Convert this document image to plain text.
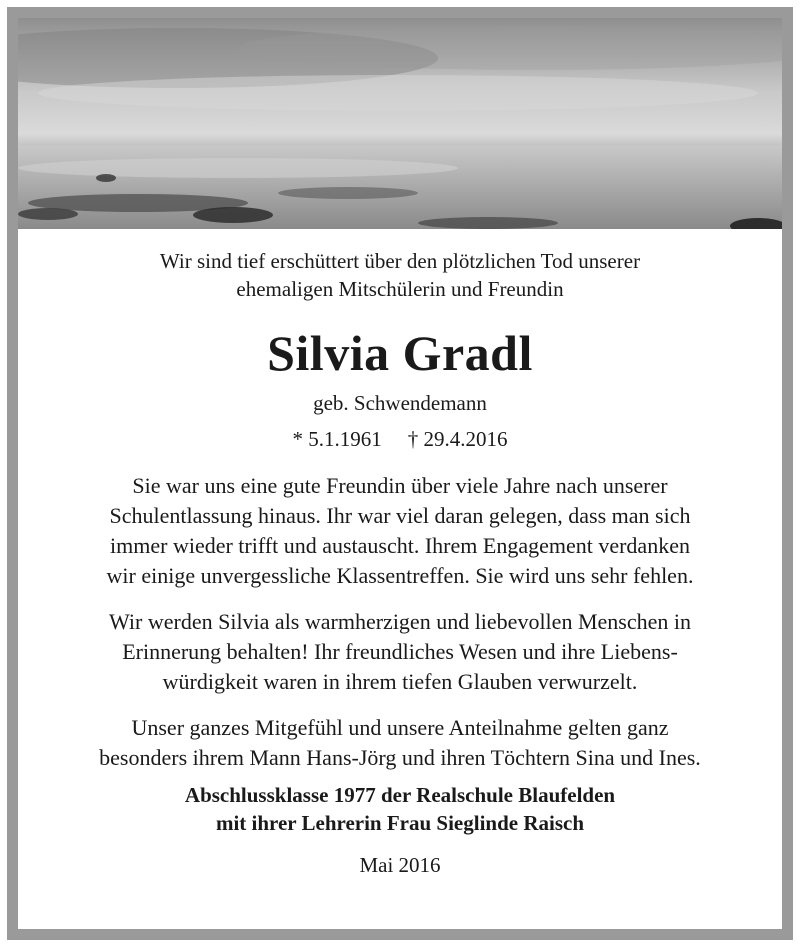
Wir sind tief erschüttert über den plötzlichen Tod unserer
ehemaligen Mitschülerin und Freundin

Silvia Gradl

geb. Schwendemann

* 5.1.1961 † 29.4.2016

Sie war uns eine gute Freundin über viele Jahre nach unserer
Schulentlassung hinaus. Ihr war viel daran gelegen, dass man sich
immer wieder trifft und austauscht. Ihrem Engagement verdanken
wir einige unvergessliche Klassentreffen. Sie wird uns sehr fehlen.

Wir werden Silvia als warmherzigen und liebevollen Menschen in
Erinnerung behalten! Ihr freundliches Wesen und ihre Liebens-
würdigkeit waren in ihrem tiefen Glauben verwurzelt.

Unser ganzes Mitgefühl und unsere Anteilnahme gelten ganz
besonders ihrem Mann Hans-Jörg und ihren Töchtern Sina und Ines.

Abschlussklasse 1977 der Realschule Blaufelden
mit ihrer Lehrerin Frau Sieglinde Raisch

Mai 2016
